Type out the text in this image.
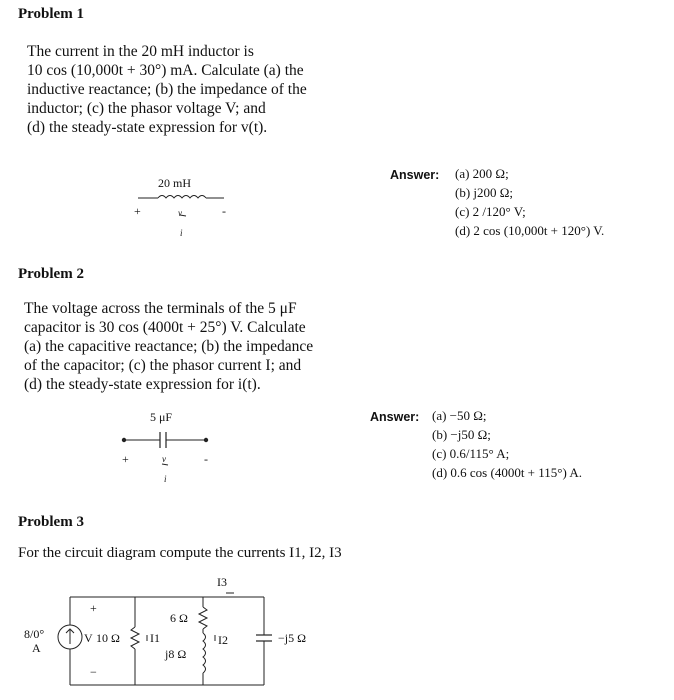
Problem 1
The current in the 20 mH inductor is
10 cos (10,000t + 30°) mA. Calculate (a) the
inductive reactance; (b) the impedance of the
inductor; (c) the phasor voltage V; and
(d) the steady-state expression for v(t).
20 mH
+	-
v
i
Answer: (a) 200 Ω;
(b) j200 Ω;
(c) 2 /120° V;
(d) 2 cos (10,000t + 120°) V.
Problem 2
The voltage across the terminals of the 5 μF
capacitor is 30 cos (4000t + 25°) V. Calculate
(a) the capacitive reactance; (b) the impedance
of the capacitor; (c) the phasor current I; and
(d) the steady-state expression for i(t).
5 μF
+	-
v
i
Answer: (a) −50 Ω;
(b) −j50 Ω;
(c) 0.6/115° A;
(d) 0.6 cos (4000t + 115°) A.
Problem 3
For the circuit diagram compute the currents I1, I2, I3
8/0°
A
+
V
−
10 Ω	I1
6 Ω
j8 Ω
I2
I3
−j5 Ω
